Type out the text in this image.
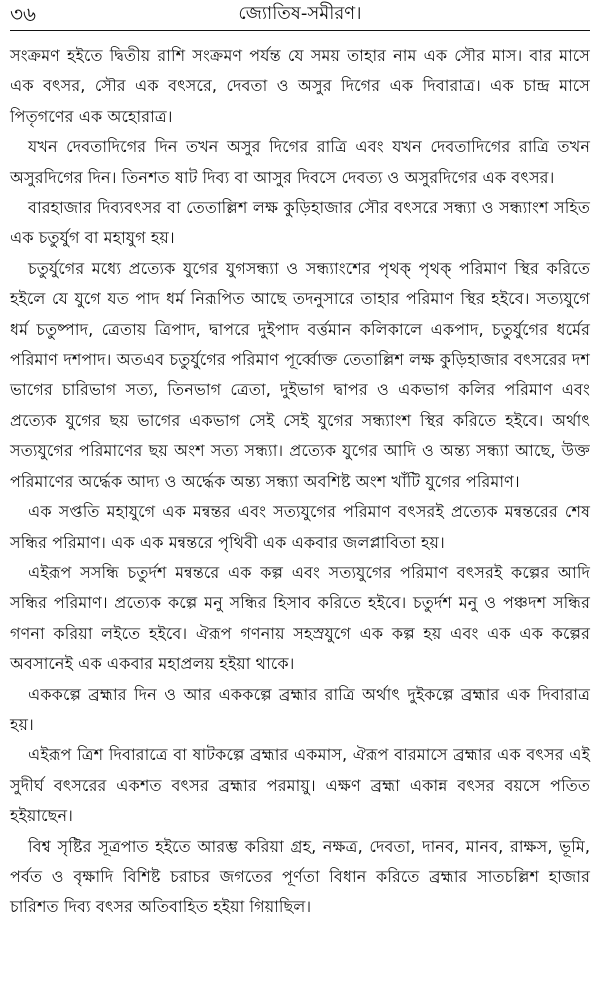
৩৬	জ্যোতিষ-সমীরণ।

সংক্রমণ হইতে দ্বিতীয় রাশি সংক্রমণ পর্যন্ত যে সময় তাহার নাম এক সৌর মাস। বার মাসে এক বৎসর, সৌর এক বৎসরে, দেবতা ও অসুর দিগের এক দিবারাত্র। এক চান্দ্র মাসে পিতৃগণের এক অহোরাত্র।

যখন দেবতাদিগের দিন তখন অসুর দিগের রাত্রি এবং যখন দেবতাদিগের রাত্রি তখন অসুরদিগের দিন। তিনশত ষাট দিব্য বা আসুর দিবসে দেবত্য ও অসুরদিগের এক বৎসর।

বারহাজার দিব্যবৎসর বা তেতাল্লিশ লক্ষ কুড়িহাজার সৌর বৎসরে সন্ধ্যা ও সন্ধ্যাংশ সহিত এক চতুর্যুগ বা মহাযুগ হয়।

চতুর্যুগের মধ্যে প্রত্যেক যুগের যুগসন্ধ্যা ও সন্ধ্যাংশের পৃথক্ পৃথক্ পরিমাণ স্থির করিতে হইলে যে যুগে যত পাদ ধর্ম নিরূপিত আছে তদনুসারে তাহার পরিমাণ স্থির হইবে। সত্যযুগে ধর্ম চতুষ্পাদ, ত্রেতায় ত্রিপাদ, দ্বাপরে দুইপাদ বর্ত্তমান কলিকালে একপাদ, চতুর্যুগের ধর্মের পরিমাণ দশপাদ। অতএব চতুর্যুগের পরিমাণ পূর্ব্বোক্ত তেতাল্লিশ লক্ষ কুড়িহাজার বৎসরের দশ ভাগের চারিভাগ সত্য, তিনভাগ ত্রেতা, দুইভাগ দ্বাপর ও একভাগ কলির পরিমাণ এবং প্রত্যেক যুগের ছয় ভাগের একভাগ সেই সেই যুগের সন্ধ্যাংশ স্থির করিতে হইবে। অর্থাৎ সত্যযুগের পরিমাণের ছয় অংশ সত্য সন্ধ্যা। প্রত্যেক যুগের আদি ও অন্ত্য সন্ধ্যা আছে, উক্ত পরিমাণের অর্দ্ধেক আদ্য ও অর্দ্ধেক অন্ত্য সন্ধ্যা অবশিষ্ট অংশ খাঁটি যুগের পরিমাণ।

এক সপ্ততি মহাযুগে এক মন্বন্তর এবং সত্যযুগের পরিমাণ বৎসরই প্রত্যেক মন্বন্তরের শেষ সন্ধির পরিমাণ। এক এক মন্বন্তরে পৃথিবী এক একবার জলপ্লাবিতা হয়।

এইরূপ সসন্ধি চতুর্দশ মন্বন্তরে এক কল্প এবং সত্যযুগের পরিমাণ বৎসরই কল্পের আদি সন্ধির পরিমাণ। প্রত্যেক কল্পে মনু সন্ধির হিসাব করিতে হইবে। চতুর্দশ মনু ও পঞ্চদশ সন্ধির গণনা করিয়া লইতে হইবে। ঐরূপ গণনায় সহস্রযুগে এক কল্প হয় এবং এক এক কল্পের অবসানেই এক একবার মহাপ্রলয় হইয়া থাকে।

এককল্পে ব্রহ্মার দিন ও আর এককল্পে ব্রহ্মার রাত্রি অর্থাৎ দুইকল্পে ব্রহ্মার এক দিবারাত্র হয়।

এইরূপ ত্রিশ দিবারাত্রে বা ষাটকল্পে ব্রহ্মার একমাস, ঐরূপ বারমাসে ব্রহ্মার এক বৎসর এই সুদীর্ঘ বৎসরের একশত বৎসর ব্রহ্মার পরমায়ু। এক্ষণ ব্রহ্মা একান্ন বৎসর বয়সে পতিত হইয়াছেন।

বিশ্ব সৃষ্টির সূত্রপাত হইতে আরম্ভ করিয়া গ্রহ, নক্ষত্র, দেবতা, দানব, মানব, রাক্ষস, ভূমি, পর্বত ও বৃক্ষাদি বিশিষ্ট চরাচর জগতের পূর্ণতা বিধান করিতে ব্রহ্মার সাতচল্লিশ হাজার চারিশত দিব্য বৎসর অতিবাহিত হইয়া গিয়াছিল।
